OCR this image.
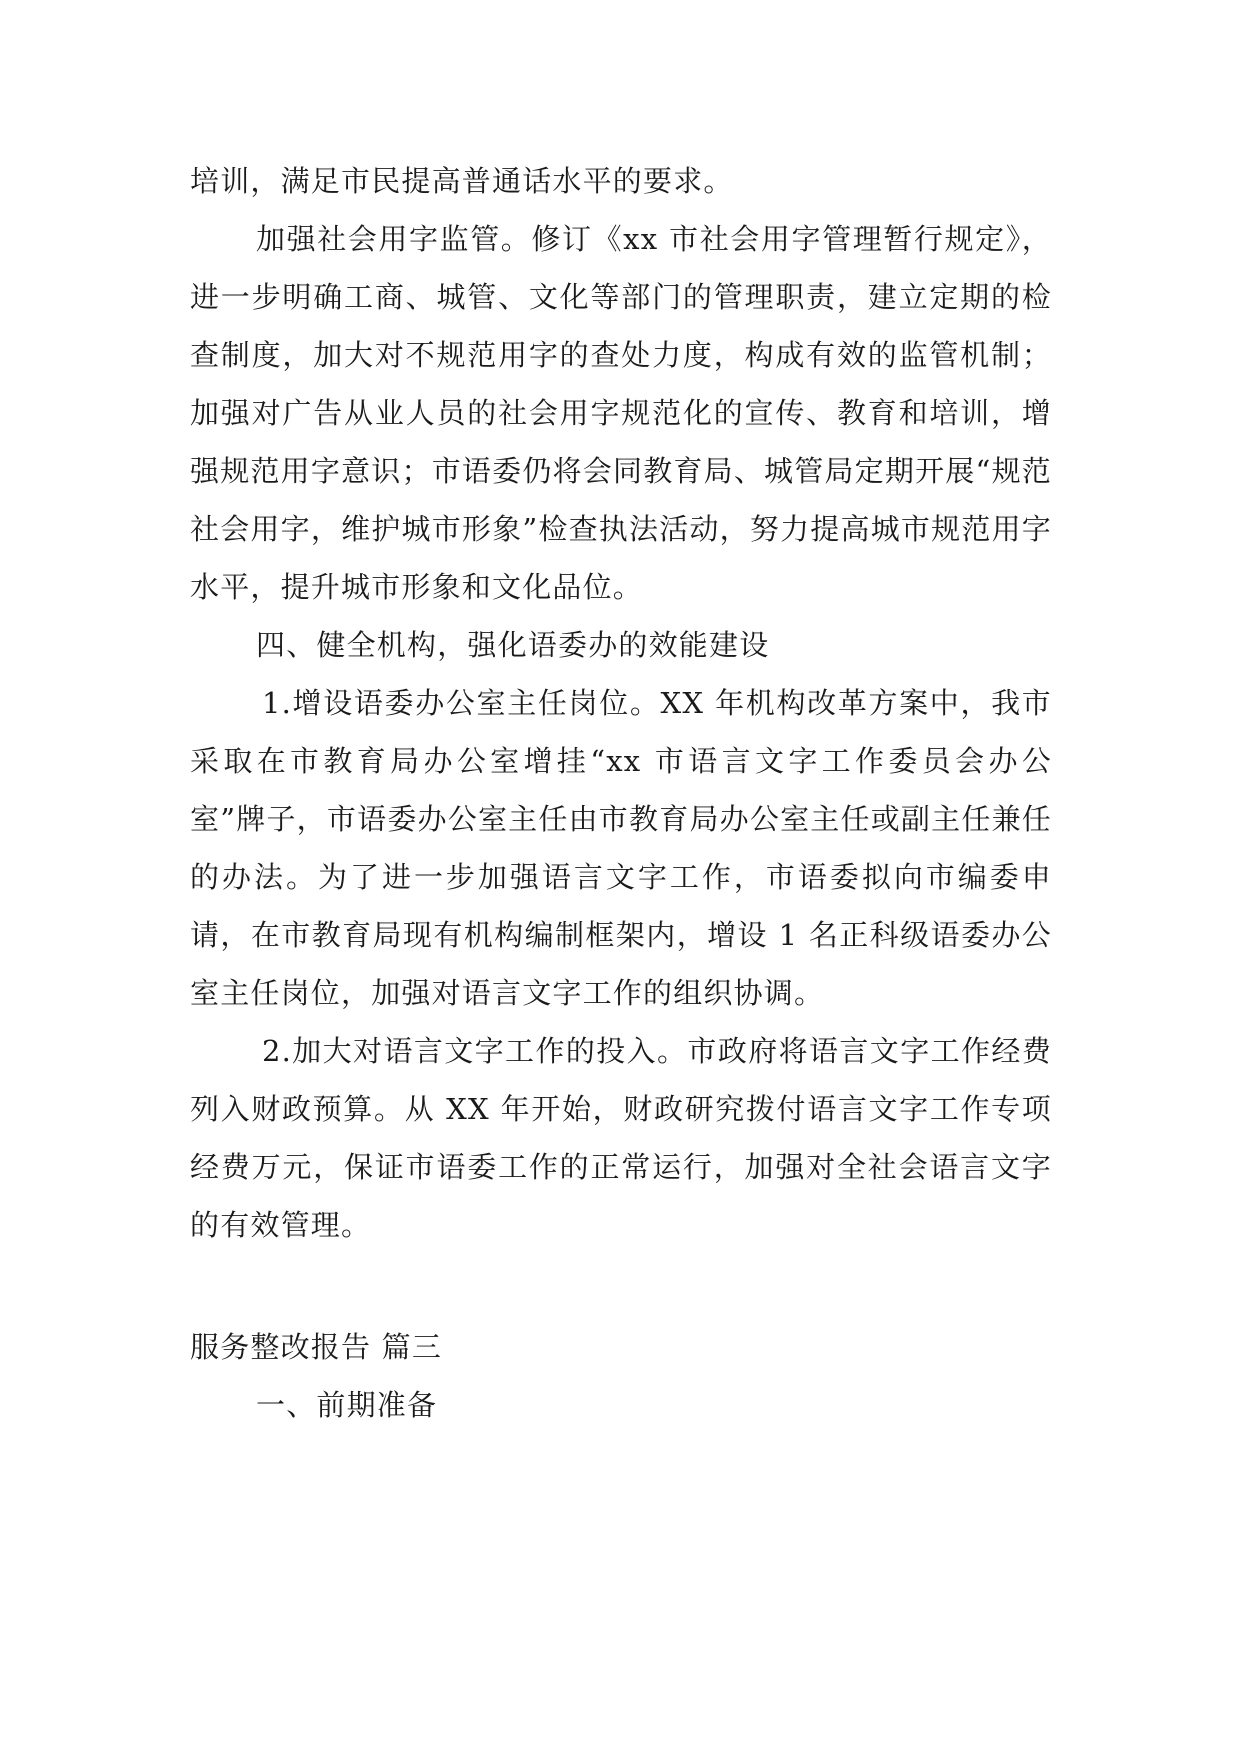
培训，满足市民提高普通话水平的要求。

加强社会用字监管。修订《xx 市社会用字管理暂行规定》，进一步明确工商、城管、文化等部门的管理职责，建立定期的检查制度，加大对不规范用字的查处力度，构成有效的监管机制；加强对广告从业人员的社会用字规范化的宣传、教育和培训，增强规范用字意识；市语委仍将会同教育局、城管局定期开展“规范社会用字，维护城市形象”检查执法活动，努力提高城市规范用字水平，提升城市形象和文化品位。

四、健全机构，强化语委办的效能建设

1.增设语委办公室主任岗位。XX 年机构改革方案中，我市采取在市教育局办公室增挂“xx 市语言文字工作委员会办公室”牌子，市语委办公室主任由市教育局办公室主任或副主任兼任的办法。为了进一步加强语言文字工作，市语委拟向市编委申请，在市教育局现有机构编制框架内，增设 1 名正科级语委办公室主任岗位，加强对语言文字工作的组织协调。

2.加大对语言文字工作的投入。市政府将语言文字工作经费列入财政预算。从 XX 年开始，财政研究拨付语言文字工作专项经费万元，保证市语委工作的正常运行，加强对全社会语言文字的有效管理。

服务整改报告 篇三

一、前期准备
